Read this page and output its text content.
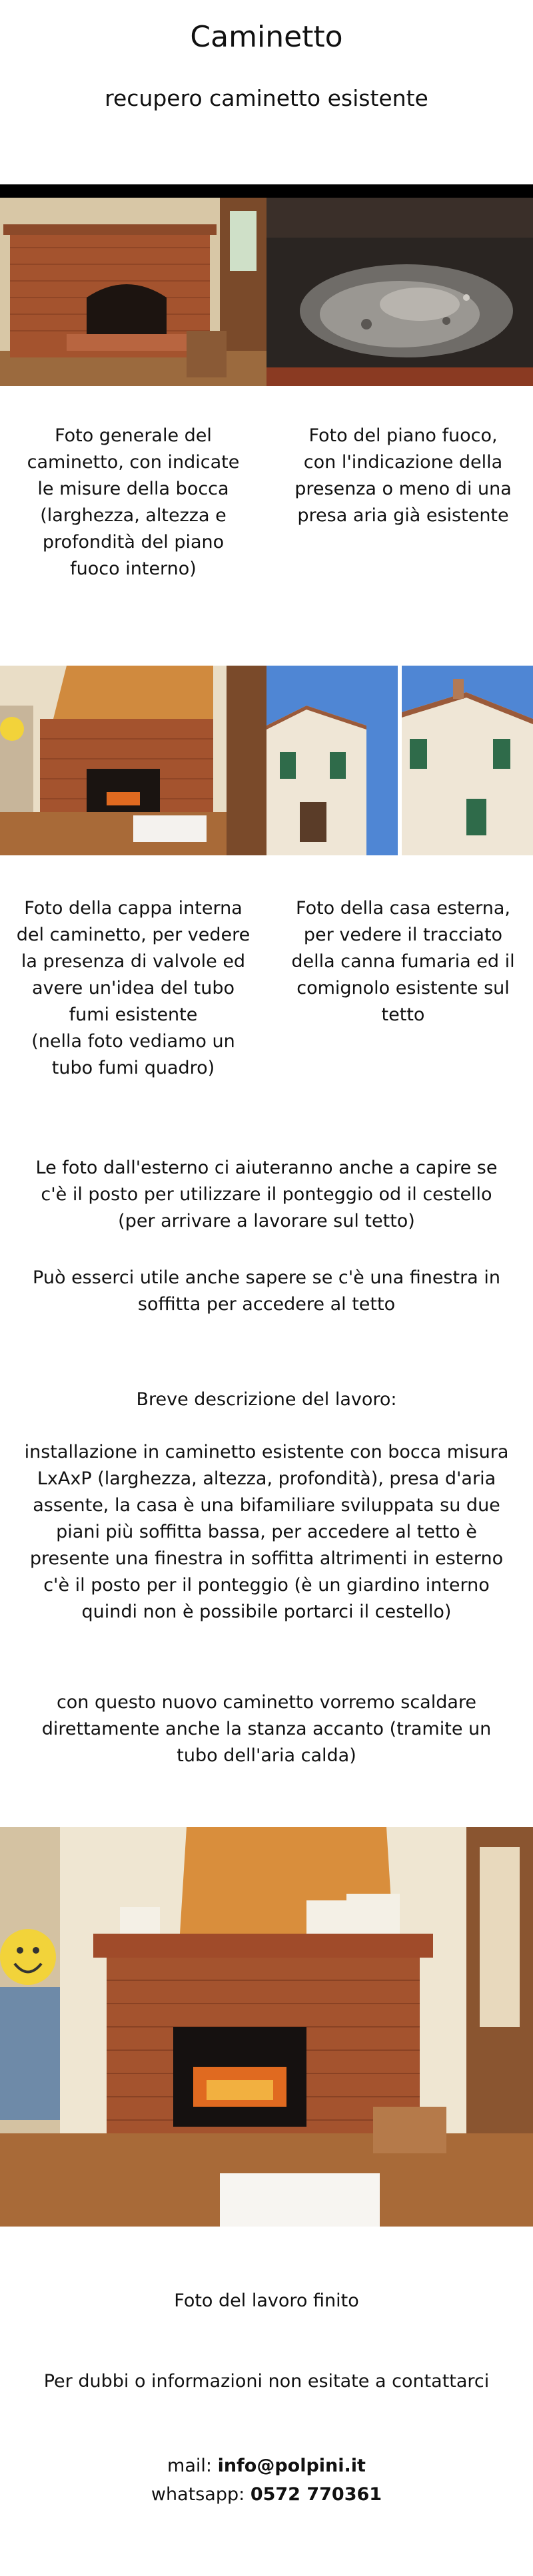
Caminetto
recupero caminetto esistente
Foto generale del caminetto, con indicate le misure della bocca (larghezza, altezza e profondità del piano fuoco interno)
Foto del piano fuoco, con l'indicazione della presenza o meno di una presa aria già esistente
Foto della cappa interna del caminetto, per vedere la presenza di valvole ed avere un'idea del tubo fumi esistente
(nella foto vediamo un tubo fumi quadro)
Foto della casa esterna, per vedere il tracciato della canna fumaria ed il comignolo esistente sul tetto
Le foto dall'esterno ci aiuteranno anche a capire se c'è il posto per utilizzare il ponteggio od il cestello (per arrivare a lavorare sul tetto)
Può esserci utile anche sapere se c'è una finestra in soffitta per accedere al tetto
Breve descrizione del lavoro:
installazione in caminetto esistente con bocca misura LxAxP (larghezza, altezza, profondità), presa d'aria assente, la casa è una bifamiliare sviluppata su due piani più soffitta bassa, per accedere al tetto è presente una finestra in soffitta altrimenti in esterno c'è il posto per il ponteggio (è un giardino interno quindi non è possibile portarci il cestello)
con questo nuovo caminetto vorremo scaldare direttamente anche la stanza accanto (tramite un tubo dell'aria calda)
Foto del lavoro finito
Per dubbi o informazioni non esitate a contattarci
mail: info@polpini.it
whatsapp: 0572 770361
